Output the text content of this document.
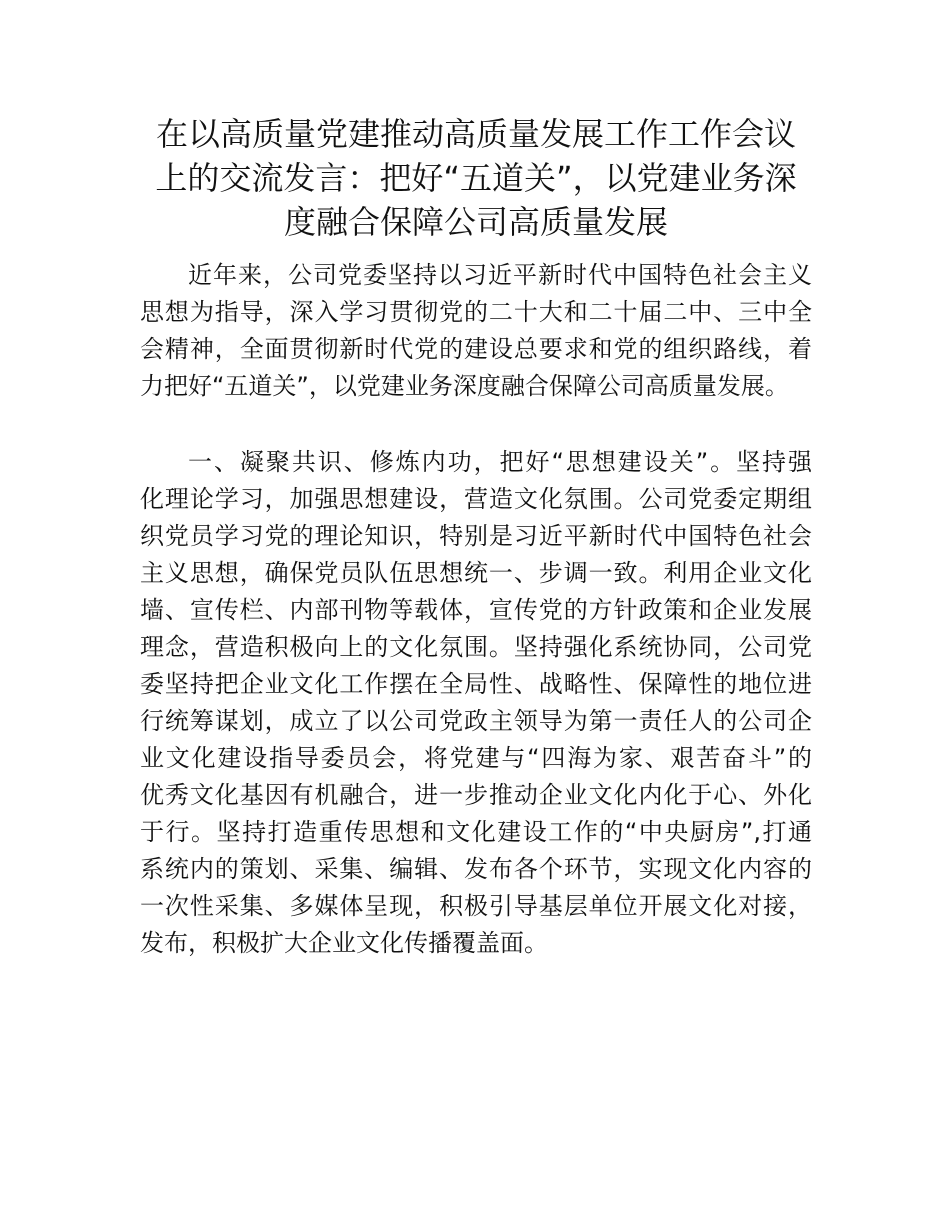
在以高质量党建推动高质量发展工作工作会议
上的交流发言：把好“五道关”，以党建业务深
度融合保障公司高质量发展
近年来，公司党委坚持以习近平新时代中国特色社会主义
思想为指导，深入学习贯彻党的二十大和二十届二中、三中全
会精神，全面贯彻新时代党的建设总要求和党的组织路线，着
力把好“五道关”，以党建业务深度融合保障公司高质量发展。
一、凝聚共识、修炼内功，把好“思想建设关”。坚持强
化理论学习，加强思想建设，营造文化氛围。公司党委定期组
织党员学习党的理论知识，特别是习近平新时代中国特色社会
主义思想，确保党员队伍思想统一、步调一致。利用企业文化
墙、宣传栏、内部刊物等载体，宣传党的方针政策和企业发展
理念，营造积极向上的文化氛围。坚持强化系统协同，公司党
委坚持把企业文化工作摆在全局性、战略性、保障性的地位进
行统筹谋划，成立了以公司党政主领导为第一责任人的公司企
业文化建设指导委员会，将党建与“四海为家、艰苦奋斗”的
优秀文化基因有机融合，进一步推动企业文化内化于心、外化
于行。坚持打造重传思想和文化建设工作的“中央厨房”,打通
系统内的策划、采集、编辑、发布各个环节，实现文化内容的
一次性采集、多媒体呈现，积极引导基层单位开展文化对接，
发布，积极扩大企业文化传播覆盖面。
